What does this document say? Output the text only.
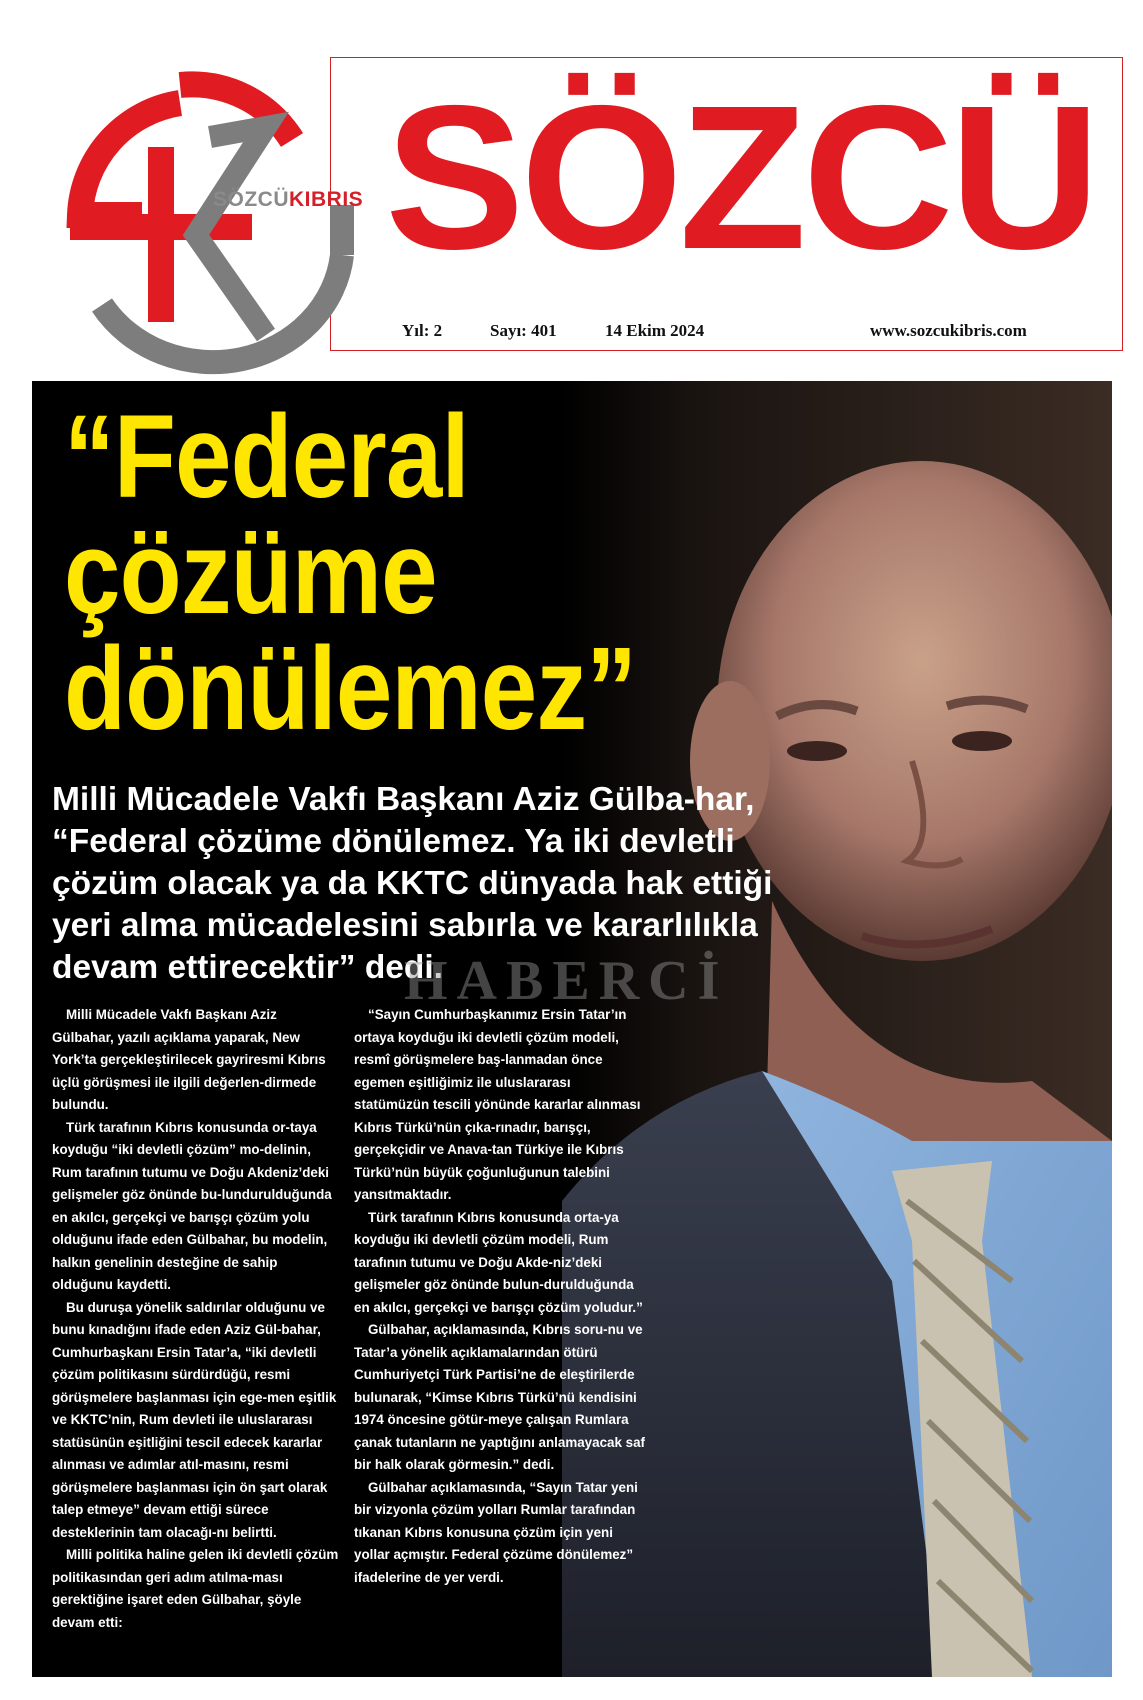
SÖZCÜKIBRIS SÖZCÜ
Yıl: 2	Sayı: 401	14 Ekim 2024	www.sozcukibris.com
“Federal
çözüme
dönülemez”
Milli Mücadele Vakfı Başkanı Aziz Gülba-har, “Federal çözüme dönülemez. Ya iki devletli çözüm olacak ya da KKTC dünyada hak ettiği yeri alma mücadelesini sabırla ve kararlılıkla devam ettirecektir” dedi.
HABERCİ

Milli Mücadele Vakfı Başkanı Aziz Gülbahar, yazılı açıklama yaparak, New York’ta gerçekleştirilecek gayriresmi Kıbrıs üçlü görüşmesi ile ilgili değerlen-dirmede bulundu.

Türk tarafının Kıbrıs konusunda or-taya koyduğu “iki devletli çözüm” mo-delinin, Rum tarafının tutumu ve Doğu Akdeniz’deki gelişmeler göz önünde bu-lundurulduğunda en akılcı, gerçekçi ve barışçı çözüm yolu olduğunu ifade eden Gülbahar, bu modelin, halkın genelinin desteğine de sahip olduğunu kaydetti.

Bu duruşa yönelik saldırılar olduğunu ve bunu kınadığını ifade eden Aziz Gül-bahar, Cumhurbaşkanı Ersin Tatar’a, “iki devletli çözüm politikasını sürdürdüğü, resmi görüşmelere başlanması için ege-men eşitlik ve KKTC’nin, Rum devleti ile uluslararası statüsünün eşitliğini tescil edecek kararlar alınması ve adımlar atıl-masını, resmi görüşmelere başlanması için ön şart olarak talep etmeye” devam ettiği sürece desteklerinin tam olacağı-nı belirtti.

Milli politika haline gelen iki devletli çözüm politikasından geri adım atılma-ması gerektiğine işaret eden Gülbahar, şöyle devam etti:

“Sayın Cumhurbaşkanımız Ersin Tatar’ın ortaya koyduğu iki devletli çözüm modeli, resmî görüşmelere baş-lanmadan önce egemen eşitliğimiz ile uluslararası statümüzün tescili yönünde kararlar alınması Kıbrıs Türkü’nün çıka-rınadır, barışçı, gerçekçidir ve Anava-tan Türkiye ile Kıbrıs Türkü’nün büyük çoğunluğunun talebini yansıtmaktadır.

Türk tarafının Kıbrıs konusunda orta-ya koyduğu iki devletli çözüm modeli, Rum tarafının tutumu ve Doğu Akde-niz’deki gelişmeler göz önünde bulun-durulduğunda en akılcı, gerçekçi ve barışçı çözüm yoludur.”

Gülbahar, açıklamasında, Kıbrıs soru-nu ve Tatar’a yönelik açıklamalarından ötürü Cumhuriyetçi Türk Partisi’ne de eleştirilerde bulunarak, “Kimse Kıbrıs Türkü’nü kendisini 1974 öncesine götür-meye çalışan Rumlara çanak tutanların ne yaptığını anlamayacak saf bir halk olarak görmesin.” dedi.

Gülbahar açıklamasında, “Sayın Tatar yeni bir vizyonla çözüm yolları Rumlar tarafından tıkanan Kıbrıs konusuna çözüm için yeni yollar açmıştır. Federal çözüme dönülemez” ifadelerine de yer verdi.
